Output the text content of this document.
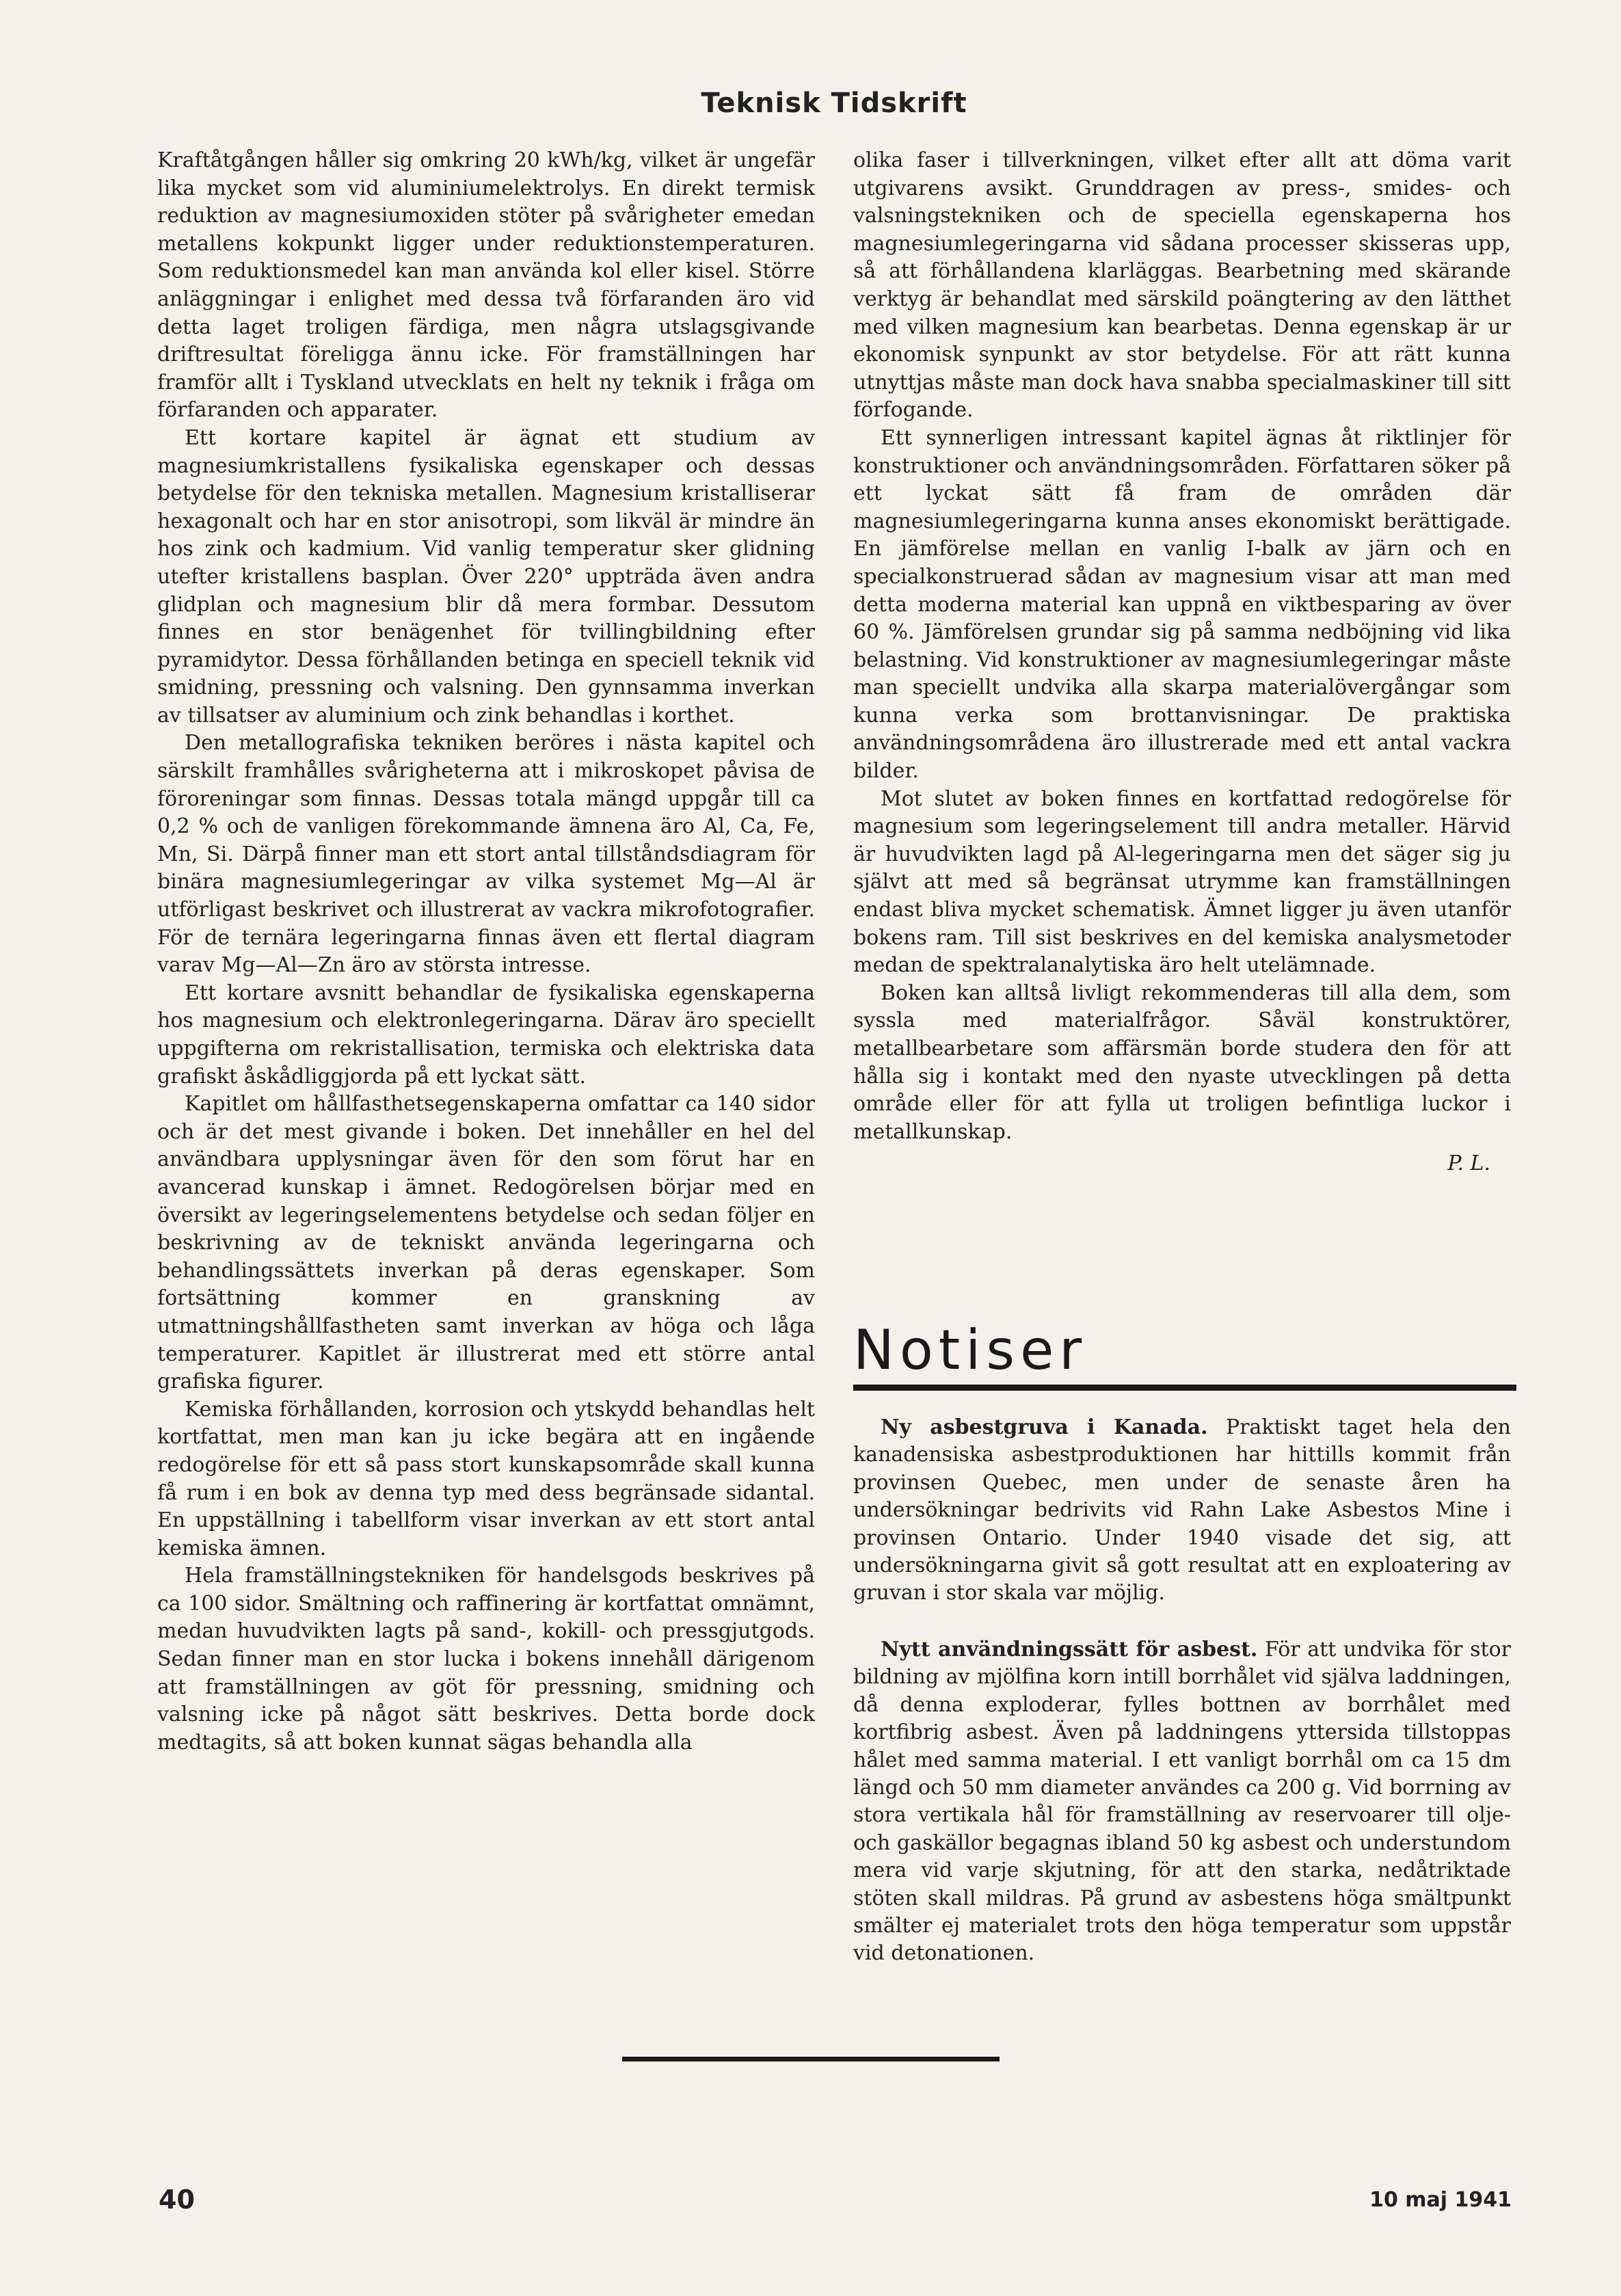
Teknisk Tidskrift

Kraftåtgången håller sig omkring 20 kWh/kg, vilket är ungefär lika mycket som vid aluminiumelektrolys. En direkt termisk reduktion av magnesiumoxiden stöter på svårigheter emedan metallens kokpunkt ligger under reduktionstemperaturen. Som reduktionsmedel kan man använda kol eller kisel. Större anläggningar i enlighet med dessa två förfaranden äro vid detta laget troligen färdiga, men några utslagsgivande driftresultat föreligga ännu icke. För framställningen har framför allt i Tyskland utvecklats en helt ny teknik i fråga om förfaranden och apparater.

Ett kortare kapitel är ägnat ett studium av magnesiumkristallens fysikaliska egenskaper och dessas betydelse för den tekniska metallen. Magnesium kristalliserar hexagonalt och har en stor anisotropi, som likväl är mindre än hos zink och kadmium. Vid vanlig temperatur sker glidning utefter kristallens basplan. Över 220° uppträda även andra glidplan och magnesium blir då mera formbar. Dessutom finnes en stor benägenhet för tvillingbildning efter pyramidytor. Dessa förhållanden betinga en speciell teknik vid smidning, pressning och valsning. Den gynnsamma inverkan av tillsatser av aluminium och zink behandlas i korthet.

Den metallografiska tekniken beröres i nästa kapitel och särskilt framhålles svårigheterna att i mikroskopet påvisa de föroreningar som finnas. Dessas totala mängd uppgår till ca 0,2 % och de vanligen förekommande ämnena äro Al, Ca, Fe, Mn, Si. Därpå finner man ett stort antal tillståndsdiagram för binära magnesiumlegeringar av vilka systemet Mg—Al är utförligast beskrivet och illustrerat av vackra mikrofotografier. För de ternära legeringarna finnas även ett flertal diagram varav Mg—Al—Zn äro av största intresse.

Ett kortare avsnitt behandlar de fysikaliska egenskaperna hos magnesium och elektronlegeringarna. Därav äro speciellt uppgifterna om rekristallisation, termiska och elektriska data grafiskt åskådliggjorda på ett lyckat sätt.

Kapitlet om hållfasthetsegenskaperna omfattar ca 140 sidor och är det mest givande i boken. Det innehåller en hel del användbara upplysningar även för den som förut har en avancerad kunskap i ämnet. Redogörelsen börjar med en översikt av legeringselementens betydelse och sedan följer en beskrivning av de tekniskt använda legeringarna och behandlingssättets inverkan på deras egenskaper. Som fortsättning kommer en granskning av utmattningshållfastheten samt inverkan av höga och låga temperaturer. Kapitlet är illustrerat med ett större antal grafiska figurer.

Kemiska förhållanden, korrosion och ytskydd behandlas helt kortfattat, men man kan ju icke begära att en ingående redogörelse för ett så pass stort kunskapsområde skall kunna få rum i en bok av denna typ med dess begränsade sidantal. En uppställning i tabellform visar inverkan av ett stort antal kemiska ämnen.

Hela framställningstekniken för handelsgods beskrives på ca 100 sidor. Smältning och raffinering är kortfattat omnämnt, medan huvudvikten lagts på sand-, kokill- och pressgjutgods. Sedan finner man en stor lucka i bokens innehåll därigenom att framställningen av göt för pressning, smidning och valsning icke på något sätt beskrives. Detta borde dock medtagits, så att boken kunnat sägas behandla alla

olika faser i tillverkningen, vilket efter allt att döma varit utgivarens avsikt. Grunddragen av press-, smides- och valsningstekniken och de speciella egenskaperna hos magnesiumlegeringarna vid sådana processer skisseras upp, så att förhållandena klarläggas. Bearbetning med skärande verktyg är behandlat med särskild poängtering av den lätthet med vilken magnesium kan bearbetas. Denna egenskap är ur ekonomisk synpunkt av stor betydelse. För att rätt kunna utnyttjas måste man dock hava snabba specialmaskiner till sitt förfogande.

Ett synnerligen intressant kapitel ägnas åt riktlinjer för konstruktioner och användningsområden. Författaren söker på ett lyckat sätt få fram de områden där magnesiumlegeringarna kunna anses ekonomiskt berättigade. En jämförelse mellan en vanlig I-balk av järn och en specialkonstruerad sådan av magnesium visar att man med detta moderna material kan uppnå en viktbesparing av över 60 %. Jämförelsen grundar sig på samma nedböjning vid lika belastning. Vid konstruktioner av magnesiumlegeringar måste man speciellt undvika alla skarpa materialövergångar som kunna verka som brottanvisningar. De praktiska användningsområdena äro illustrerade med ett antal vackra bilder.

Mot slutet av boken finnes en kortfattad redogörelse för magnesium som legeringselement till andra metaller. Härvid är huvudvikten lagd på Al-legeringarna men det säger sig ju självt att med så begränsat utrymme kan framställningen endast bliva mycket schematisk. Ämnet ligger ju även utanför bokens ram. Till sist beskrives en del kemiska analysmetoder medan de spektralanalytiska äro helt utelämnade.

Boken kan alltså livligt rekommenderas till alla dem, som syssla med materialfrågor. Såväl konstruktörer, metallbearbetare som affärsmän borde studera den för att hålla sig i kontakt med den nyaste utvecklingen på detta område eller för att fylla ut troligen befintliga luckor i metallkunskap.

P. L.
Notiser

Ny asbestgruva i Kanada. Praktiskt taget hela den kanadensiska asbestproduktionen har hittills kommit från provinsen Quebec, men under de senaste åren ha undersökningar bedrivits vid Rahn Lake Asbestos Mine i provinsen Ontario. Under 1940 visade det sig, att undersökningarna givit så gott resultat att en exploatering av gruvan i stor skala var möjlig.

Nytt användningssätt för asbest. För att undvika för stor bildning av mjölfina korn intill borrhålet vid själva laddningen, då denna exploderar, fylles bottnen av borrhålet med kortfibrig asbest. Även på laddningens yttersida tillstoppas hålet med samma material. I ett vanligt borrhål om ca 15 dm längd och 50 mm diameter användes ca 200 g. Vid borrning av stora vertikala hål för framställning av reservoarer till olje- och gaskällor begagnas ibland 50 kg asbest och understundom mera vid varje skjutning, för att den starka, nedåtriktade stöten skall mildras. På grund av asbestens höga smältpunkt smälter ej materialet trots den höga temperatur som uppstår vid detonationen.

40	10 maj 1941
